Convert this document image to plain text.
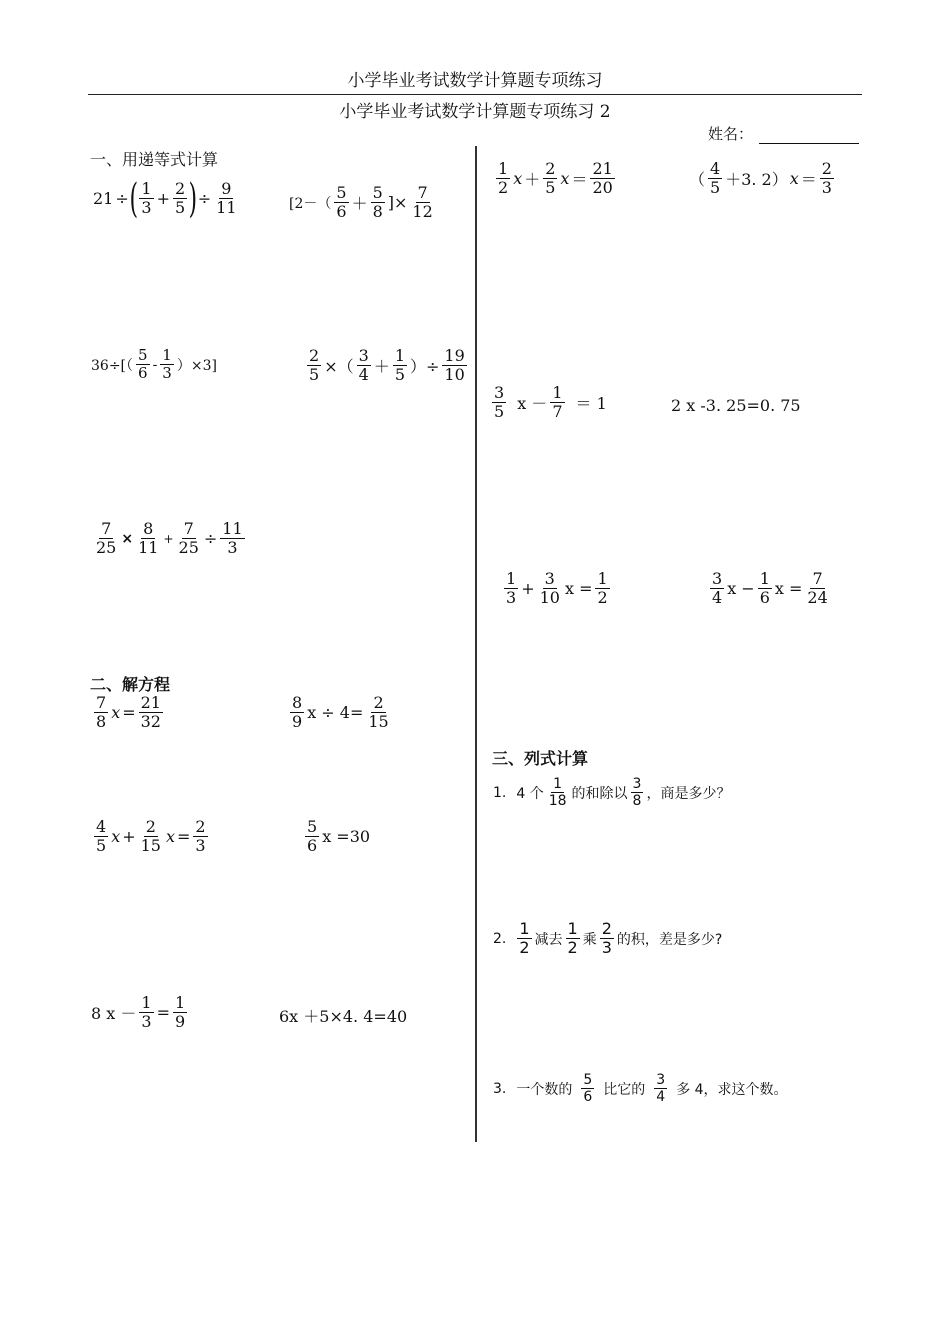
小学毕业考试数学计算题专项练习
小学毕业考试数学计算题专项练习 2
姓名：
一、用递等式计算
21 ÷ ( $\frac{1}{3} + \frac{2}{5}$ ) ÷ $\frac{9}{11}$	[$2-( \frac{5}{6} + \frac{5}{8}$ ]× $\frac{7}{12}$
$36\div[( \frac{5}{6} - \frac{1}{3} )\times 3]$	$\frac{2}{5}$ ×（ $\frac{3}{4} + \frac{1}{5}$ ）÷ $\frac{19}{10}$
$\frac{7}{25} \times \frac{8}{11} + \frac{7}{25} \div \frac{11}{3}$
二、解方程
$\frac{7}{8}$ $x = \frac{21}{32}$	$\frac{8}{9}$ $x \div 4= \frac{2}{15}$
$\frac{4}{5}$ $x + \frac{2}{15}$ $x = \frac{2}{3}$	$\frac{5}{6}$ x =30
8 $x - \frac{1}{3} = \frac{1}{9}$	6x ＋5×4. 4=40
$\frac{1}{2}$ $x + \frac{2}{5}$ $x = \frac{21}{20}$	（ $\frac{4}{5} +3$. 2） $x = \frac{2}{3}$
$\frac{3}{5}$ $x - \frac{1}{7} = 1$	2 x -3. 25=0. 75
$\frac{1}{3} + \frac{3}{10}$ $x = \frac{1}{2}$	$\frac{3}{4}$ $x - \frac{1}{6}$ $x = \frac{7}{24}$
三、列式计算
1. 4 个 $\frac{1}{18}$ 的和除以 $\frac{3}{8}$ ，商是多少？
2. $\frac{1}{2}$ 减去 $\frac{1}{2}$ 乘 $\frac{2}{3}$ 的积，差是多少?
3. 一个数的 $\frac{5}{6}$ 比它的 $\frac{3}{4}$ 多 4，求这个数。
